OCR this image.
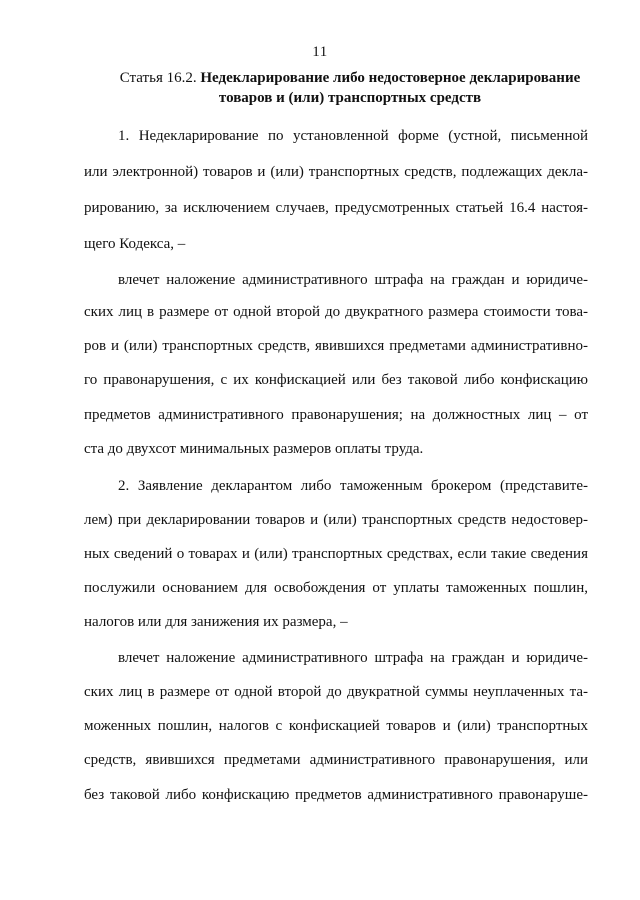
11
Статья 16.2. Недекларирование либо недостоверное декларирование
товаров и (или) транспортных средств
1. Недекларирование по установленной форме (устной, письменной
или электронной) товаров и (или) транспортных средств, подлежащих декла-
рированию, за исключением случаев, предусмотренных статьей 16.4 настоя-
щего Кодекса, –
влечет наложение административного штрафа на граждан и юридиче-
ских лиц в размере от одной второй до двукратного размера стоимости това-
ров и (или) транспортных средств, явившихся предметами административно-
го правонарушения, с их конфискацией или без таковой либо конфискацию
предметов административного правонарушения; на должностных лиц – от
ста до двухсот минимальных размеров оплаты труда.
2. Заявление декларантом либо таможенным брокером (представите-
лем) при декларировании товаров и (или) транспортных средств недостовер-
ных сведений о товарах и (или) транспортных средствах, если такие сведения
послужили основанием для освобождения от уплаты таможенных пошлин,
налогов или для занижения их размера, –
влечет наложение административного штрафа на граждан и юридиче-
ских лиц в размере от одной второй до двукратной суммы неуплаченных та-
моженных пошлин, налогов с конфискацией товаров и (или) транспортных
средств, явившихся предметами административного правонарушения, или
без таковой либо конфискацию предметов административного правонаруше-
